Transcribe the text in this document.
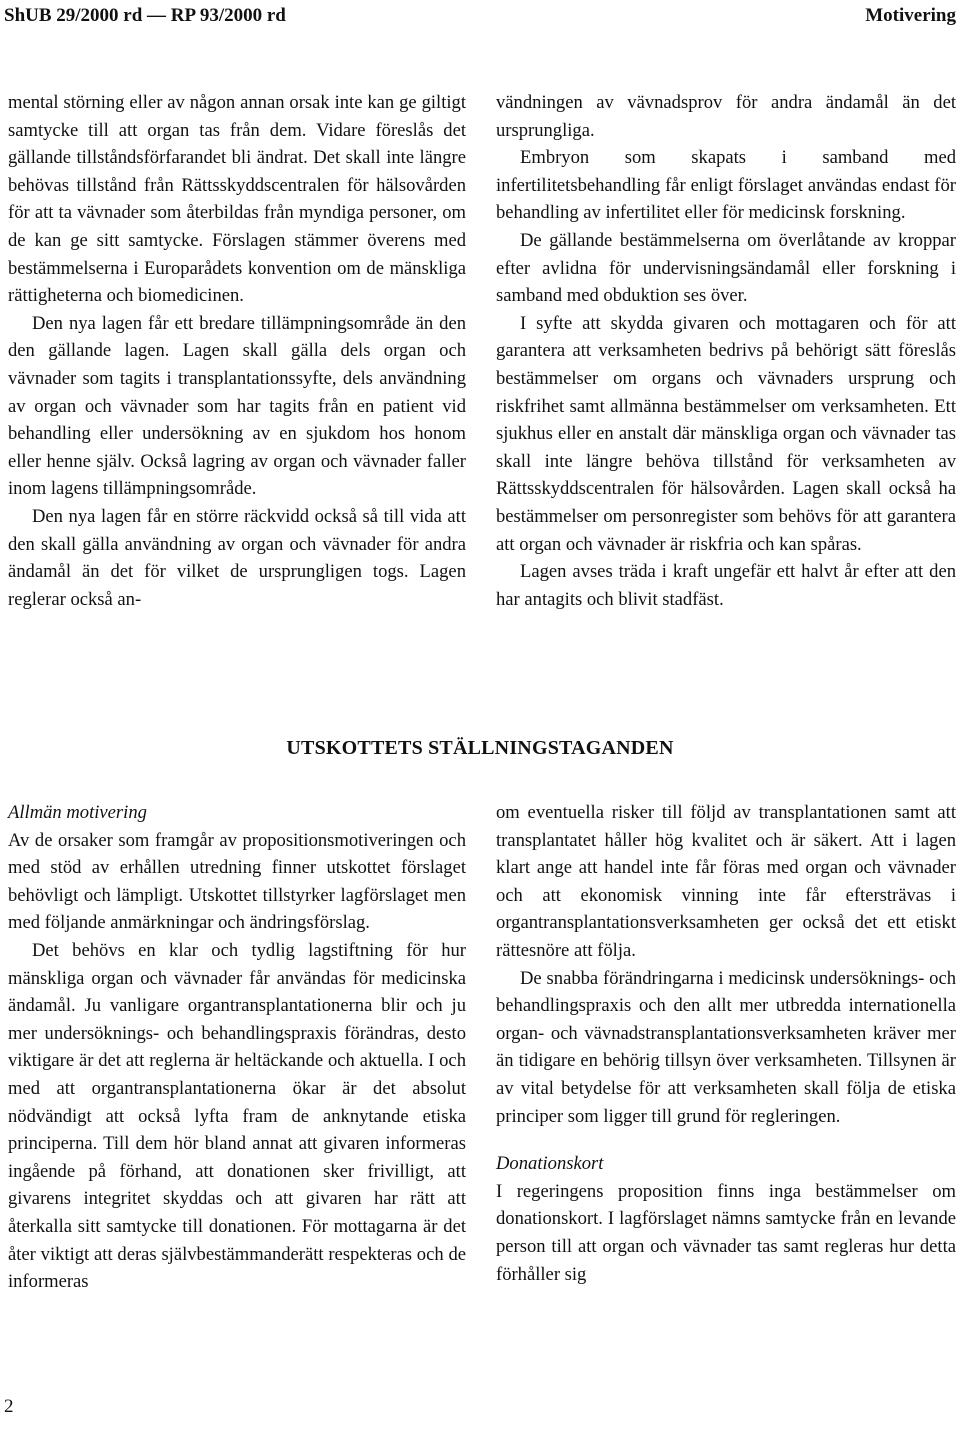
ShUB 29/2000 rd — RP 93/2000 rd	Motivering

mental störning eller av någon annan orsak inte kan ge giltigt samtycke till att organ tas från dem. Vidare föreslås det gällande tillståndsförfarandet bli ändrat. Det skall inte längre behövas tillstånd från Rättsskyddscentralen för hälsovården för att ta vävnader som återbildas från myndiga personer, om de kan ge sitt samtycke. Förslagen stämmer överens med bestämmelserna i Europarådets konvention om de mänskliga rättigheterna och biomedicinen.

Den nya lagen får ett bredare tillämpningsområde än den den gällande lagen. Lagen skall gälla dels organ och vävnader som tagits i transplantationssyfte, dels användning av organ och vävnader som har tagits från en patient vid behandling eller undersökning av en sjukdom hos honom eller henne själv. Också lagring av organ och vävnader faller inom lagens tillämpningsområde.

Den nya lagen får en större räckvidd också så till vida att den skall gälla användning av organ och vävnader för andra ändamål än det för vilket de ursprungligen togs. Lagen reglerar också an-

vändningen av vävnadsprov för andra ändamål än det ursprungliga.

Embryon som skapats i samband med infertilitetsbehandling får enligt förslaget användas endast för behandling av infertilitet eller för medicinsk forskning.

De gällande bestämmelserna om överlåtande av kroppar efter avlidna för undervisningsändamål eller forskning i samband med obduktion ses över.

I syfte att skydda givaren och mottagaren och för att garantera att verksamheten bedrivs på behörigt sätt föreslås bestämmelser om organs och vävnaders ursprung och riskfrihet samt allmänna bestämmelser om verksamheten. Ett sjukhus eller en anstalt där mänskliga organ och vävnader tas skall inte längre behöva tillstånd för verksamheten av Rättsskyddscentralen för hälsovården. Lagen skall också ha bestämmelser om personregister som behövs för att garantera att organ och vävnader är riskfria och kan spåras.

Lagen avses träda i kraft ungefär ett halvt år efter att den har antagits och blivit stadfäst.

UTSKOTTETS STÄLLNINGSTAGANDEN

Allmän motivering

Av de orsaker som framgår av propositionsmotiveringen och med stöd av erhållen utredning finner utskottet förslaget behövligt och lämpligt. Utskottet tillstyrker lagförslaget men med följande anmärkningar och ändringsförslag.

Det behövs en klar och tydlig lagstiftning för hur mänskliga organ och vävnader får användas för medicinska ändamål. Ju vanligare organtransplantationerna blir och ju mer undersöknings- och behandlingspraxis förändras, desto viktigare är det att reglerna är heltäckande och aktuella. I och med att organtransplantationerna ökar är det absolut nödvändigt att också lyfta fram de anknytande etiska principerna. Till dem hör bland annat att givaren informeras ingående på förhand, att donationen sker frivilligt, att givarens integritet skyddas och att givaren har rätt att återkalla sitt samtycke till donationen. För mottagarna är det åter viktigt att deras självbestämmanderätt respekteras och de informeras

om eventuella risker till följd av transplantationen samt att transplantatet håller hög kvalitet och är säkert. Att i lagen klart ange att handel inte får föras med organ och vävnader och att ekonomisk vinning inte får eftersträvas i organtransplantationsverksamheten ger också det ett etiskt rättesnöre att följa.

De snabba förändringarna i medicinsk undersöknings- och behandlingspraxis och den allt mer utbredda internationella organ- och vävnadstransplantationsverksamheten kräver mer än tidigare en behörig tillsyn över verksamheten. Tillsynen är av vital betydelse för att verksamheten skall följa de etiska principer som ligger till grund för regleringen.

Donationskort

I regeringens proposition finns inga bestämmelser om donationskort. I lagförslaget nämns samtycke från en levande person till att organ och vävnader tas samt regleras hur detta förhåller sig

2
